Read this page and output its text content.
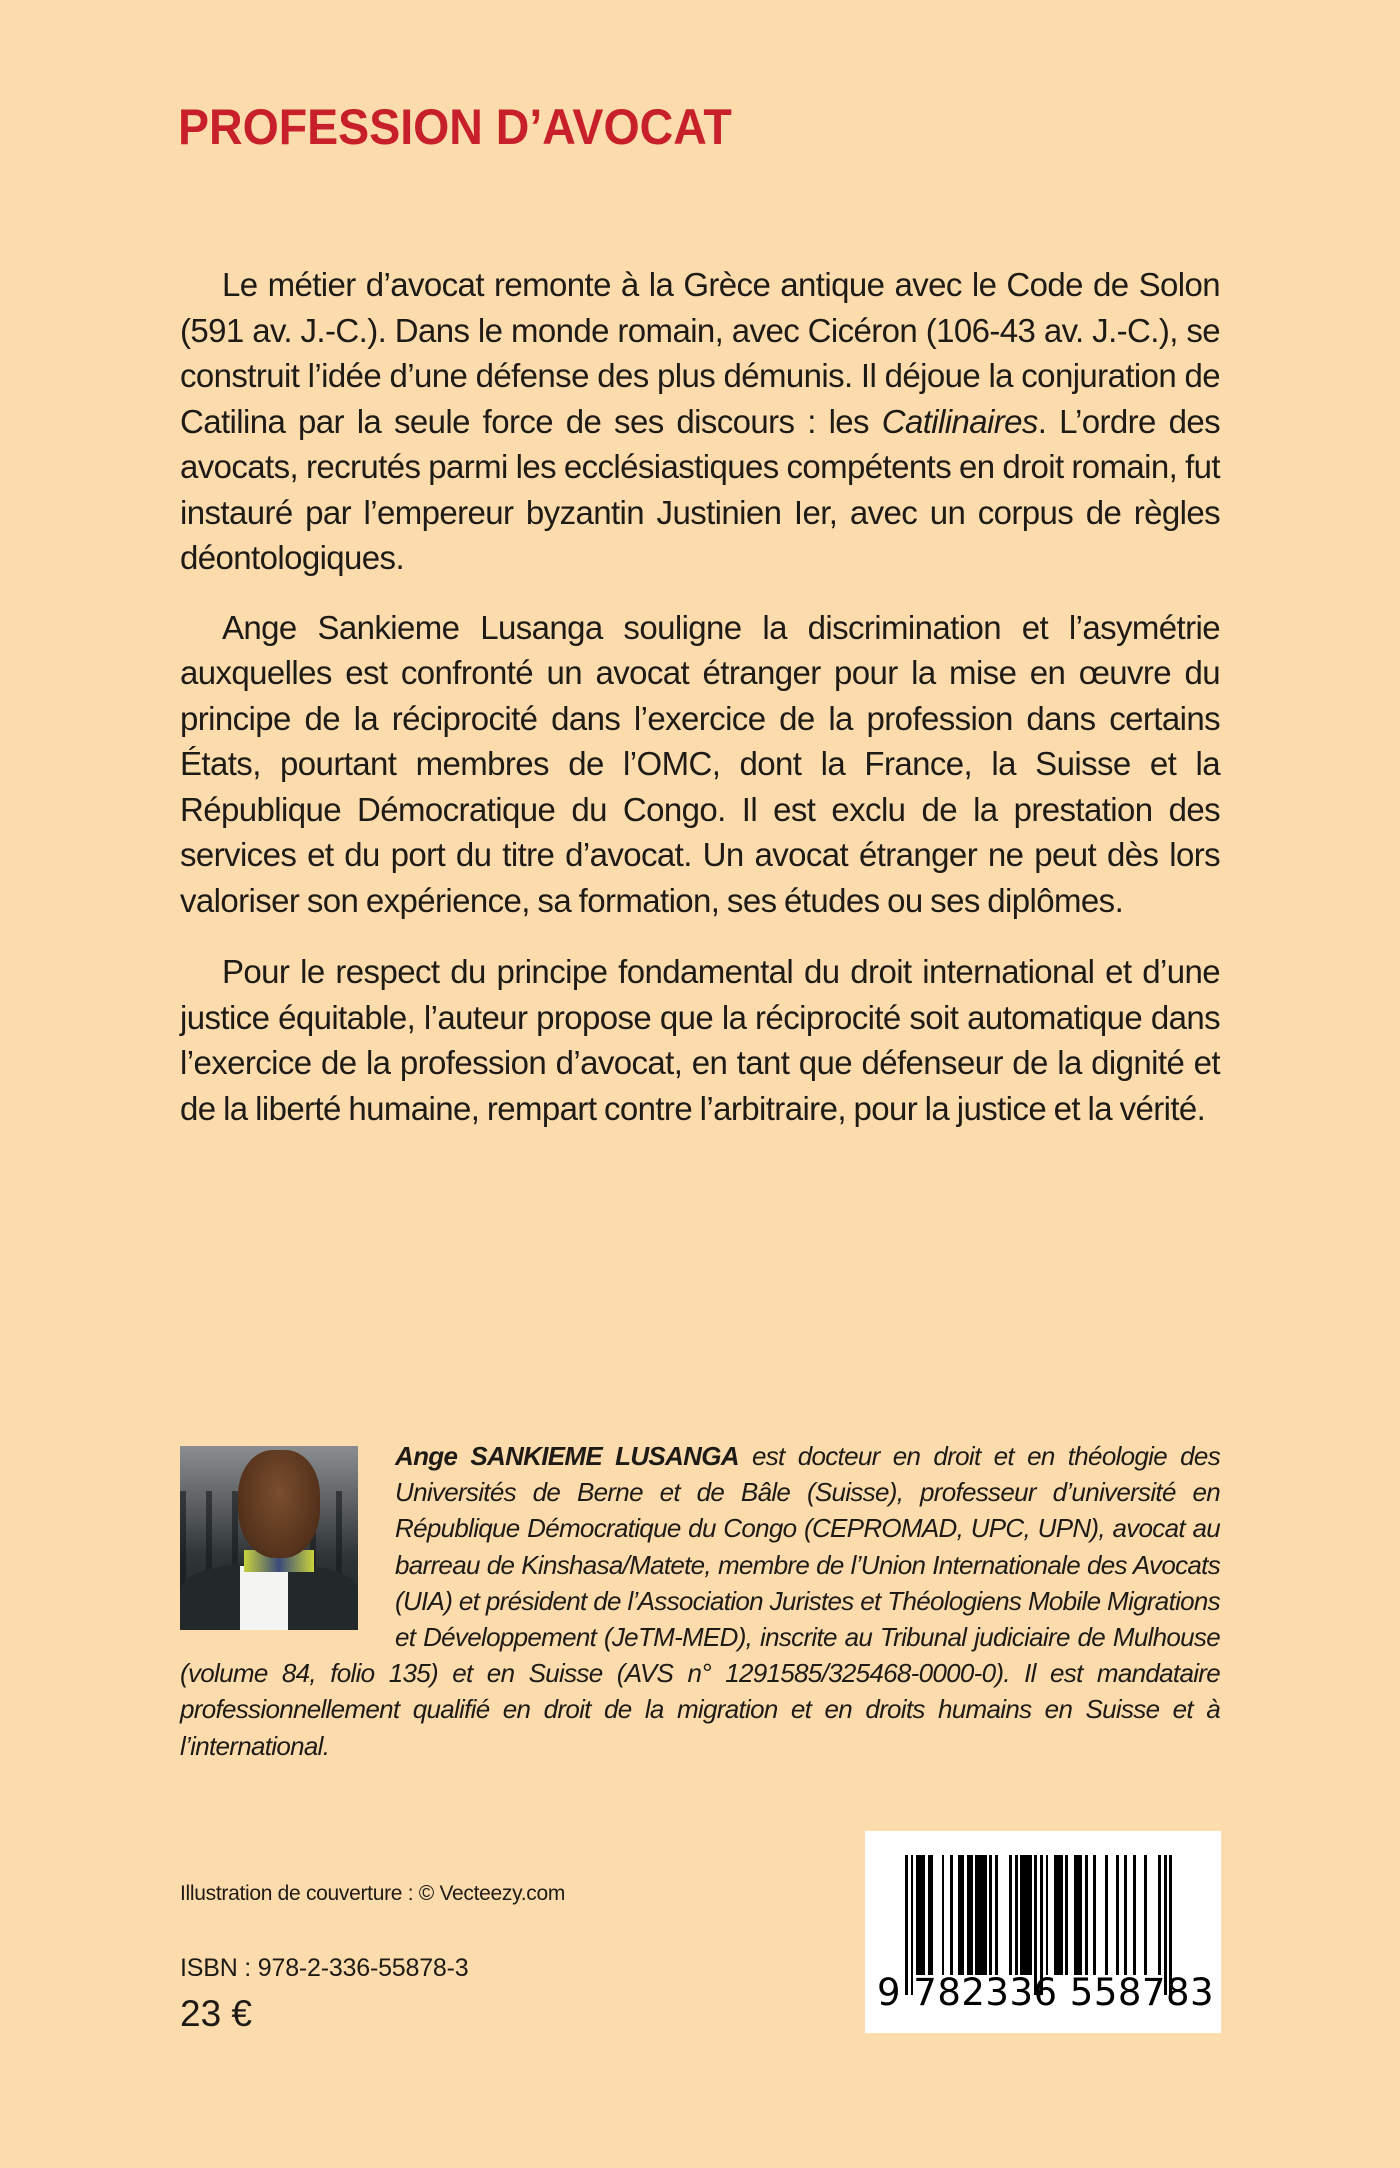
PROFESSION D’AVOCAT

Le métier d’avocat remonte à la Grèce antique avec le Code de Solon (591 av. J.-C.). Dans le monde romain, avec Cicéron (106-43 av. J.-C.), se construit l’idée d’une défense des plus démunis. Il déjoue la conjuration de Catilina par la seule force de ses discours : les Catilinaires. L’ordre des avocats, recrutés parmi les ecclésiastiques compétents en droit romain, fut instauré par l’empereur byzantin Justinien Ier, avec un corpus de règles déontologiques.

Ange Sankieme Lusanga souligne la discrimination et l’asymétrie auxquelles est confronté un avocat étranger pour la mise en œuvre du principe de la réciprocité dans l’exercice de la profession dans certains États, pourtant membres de l’OMC, dont la France, la Suisse et la République Démocratique du Congo. Il est exclu de la prestation des services et du port du titre d’avocat. Un avocat étranger ne peut dès lors valoriser son expérience, sa formation, ses études ou ses diplômes.

Pour le respect du principe fondamental du droit international et d’une justice équitable, l’auteur propose que la réciprocité soit automatique dans l’exercice de la profession d’avocat, en tant que défenseur de la dignité et de la liberté humaine, rempart contre l’arbitraire, pour la justice et la vérité.

Ange SANKIEME LUSANGA est docteur en droit et en théologie des Universités de Berne et de Bâle (Suisse), professeur d’université en République Démocratique du Congo (CEPROMAD, UPC, UPN), avocat au barreau de Kinshasa/Matete, membre de l’Union Internationale des Avocats (UIA) et président de l’Association Juristes et Théologiens Mobile Migrations et Développement (JeTM-MED), inscrite au Tribunal judiciaire de Mulhouse (volume 84, folio 135) et en Suisse (AVS n° 1291585/325468-0000-0). Il est mandataire professionnellement qualifié en droit de la migration et en droits humains en Suisse et à l’international.

Illustration de couverture : © Vecteezy.com
ISBN : 978-2-336-55878-3
23 €	9 782336 558783
